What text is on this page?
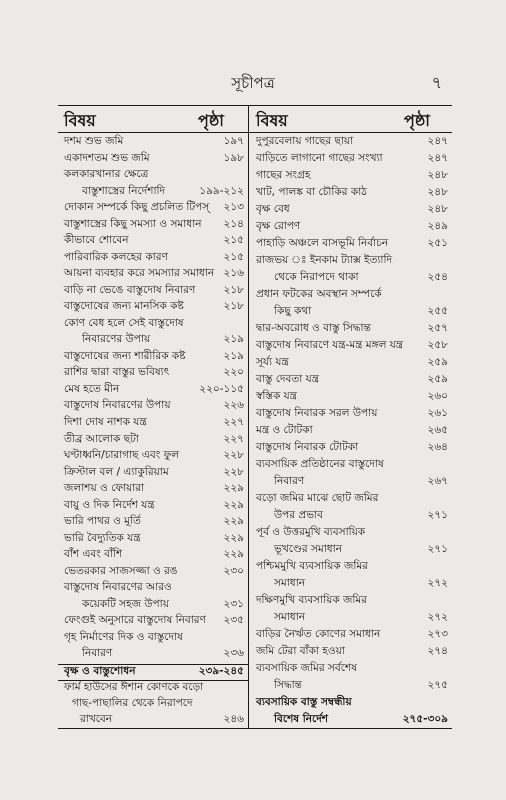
সূচীপত্র	৭
বিষয়	পৃষ্ঠা বিষয়	পৃষ্ঠা
দশম শুভ জমি	১৯৭
একাদশতম শুভ জমি	১৯৮
কলকারখানার ক্ষেত্রে
বাস্তুশাস্ত্রের নির্দেশাদি	১৯৯-২১২
দোকান সম্পর্কে কিছু প্রচলিত টিপস্ ২১৩
বাস্তুশাস্ত্রের কিছু সমস্যা ও সমাধান ২১৪
কীভাবে শোবেন	২১৫
পারিবারিক কলহের কারণ	২১৫
আয়না ব্যবহার করে সমস্যার সমাধান ২১৬
বাড়ি না ভেঙে বাস্তুদোষ নিবারণ	২১৮
বাস্তুদোষের জন্য মানসিক কষ্ট	২১৮
কোণ বেধ হলে সেই বাস্তুদোষ
নিবারণের উপায়	২১৯
বাস্তুদোষের জন্য শারীরিক কষ্ট	২১৯
রাশির দ্বারা বাস্তুর ভবিষ্যৎ	২২০
মেষ হতে মীন	২২০-১১৫
বাস্তুদোষ নিবারণের উপায়	২২৬
দিশা দোষ নাশক যন্ত্র	২২৭
তীব্র আলোক ছটা	২২৭
ঘণ্টাধ্বনি/চারাগাছ এবং ফুল	২২৮
ক্রিস্টাল বল / এ্যাকুরিয়াম	২২৮
জলাশয় ও ফোয়ারা	২২৯
বায়ু ও দিক নির্দেশ যন্ত্র	২২৯
ভারি পাথর ও মূর্তি	২২৯
ভারি বৈদ্যুতিক যন্ত্র	২২৯
বাঁশ এবং বাঁশি	২২৯
ভেতরকার সাজসজ্জা ও রঙ	২৩০
বাস্তুদোষ নিবারণের আরও
কয়েকটি সহজ উপায়	২৩১
ফেংগুই অনুসারে বাস্তুদোষ নিবারণ ২৩৫
গৃহ নির্মাণের দিক ও বাস্তুদোষ
নিবারণ	২৩৬
বৃক্ষ ও বাস্তুশোধন	২৩৯-২৪৫
ফার্ম হাউসের ঈশান কোণকে বড়ো
গাছ-পাছালির থেকে নিরাপদে
রাখবেন	২৪৬
দুপুরবেলায় গাছের ছায়া	২৪৭
বাড়িতে লাগানো গাছের সংখ্যা	২৪৭
গাছের সংগ্রহ	২৪৮
খাট, পালঙ্ক বা চৌকির কাঠ	২৪৮
বৃক্ষ বেধ	২৪৮
বৃক্ষ রোপণ	২৪৯
পাহাড়ি অঞ্চলে বাসভূমি নির্বাচন	২৫১
রাজভয় ঃ ইনকাম ট্যাক্স ইত্যাদি
থেকে নিরাপদে থাকা	২৫৪
প্রধান ফটকের অবস্থান সম্পর্কে
কিছু কথা	২৫৫
দ্বার-অবরোধ ও বাস্তু সিদ্ধান্ত	২৫৭
বাস্তুদোষ নিবারণে যন্ত্র-মন্ত্র মঙ্গল যন্ত্র ২৫৮
সূর্য্য যন্ত্র	২৫৯
বাস্তু দেবতা যন্ত্র	২৫৯
স্বস্তিক যন্ত্র	২৬০
বাস্তুদোষ নিবারক সরল উপায়	২৬১
মন্ত্র ও টোটকা	২৬৫
বাস্তুদোষ নিবারক টোটকা	২৬৪
ব্যবসায়িক প্রতিষ্ঠানের বাস্তুদোষ
নিবারণ	২৬৭
বড়ো জমির মাঝে ছোট জমির
উপর প্রভাব	২৭১
পূর্ব ও উত্তরমুখি ব্যবসায়িক
ভূখণ্ডের সমাধান	২৭১
পশ্চিমমুখি ব্যবসায়িক জমির
সমাধান	২৭২
দক্ষিণমুখি ব্যবসায়িক জমির
সমাধান	২৭২
বাড়ির নৈর্ঋত কোণের সমাধান	২৭৩
জমি টেরা বাঁকা হওয়া	২৭৪
ব্যবসায়িক জমির সর্বশেষ
সিদ্ধান্ত	২৭৫
ব্যবসায়িক বাস্তু সম্বন্ধীয়
বিশেষ নির্দেশ	২৭৫-৩০৯
